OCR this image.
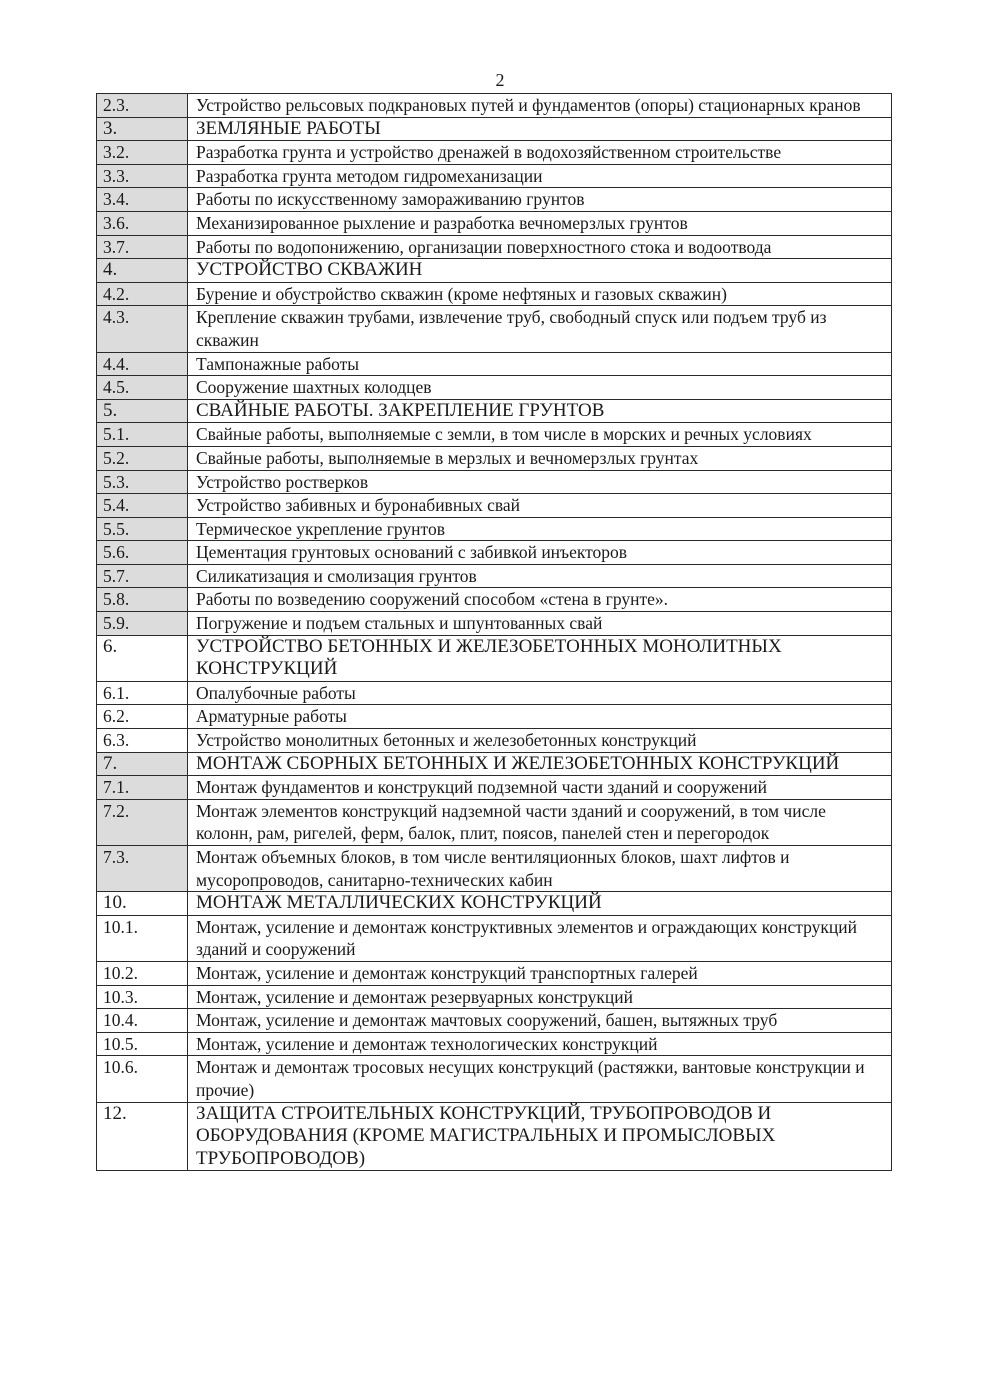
2
2.3.	Устройство рельсовых подкрановых путей и фундаментов (опоры) стационарных кранов
3.	ЗЕМЛЯНЫЕ РАБОТЫ
3.2.	Разработка грунта и устройство дренажей в водохозяйственном строительстве
3.3.	Разработка грунта методом гидромеханизации
3.4.	Работы по искусственному замораживанию грунтов
3.6.	Механизированное рыхление и разработка вечномерзлых грунтов
3.7.	Работы по водопонижению, организации поверхностного стока и водоотвода
4.	УСТРОЙСТВО СКВАЖИН
4.2.	Бурение и обустройство скважин (кроме нефтяных и газовых скважин)
4.3.	Крепление скважин трубами, извлечение труб, свободный спуск или подъем труб из скважин
4.4.	Тампонажные работы
4.5.	Сооружение шахтных колодцев
5.	СВАЙНЫЕ РАБОТЫ. ЗАКРЕПЛЕНИЕ ГРУНТОВ
5.1.	Свайные работы, выполняемые с земли, в том числе в морских и речных условиях
5.2.	Свайные работы, выполняемые в мерзлых и вечномерзлых грунтах
5.3.	Устройство ростверков
5.4.	Устройство забивных и буронабивных свай
5.5.	Термическое укрепление грунтов
5.6.	Цементация грунтовых оснований с забивкой инъекторов
5.7.	Силикатизация и смолизация грунтов
5.8.	Работы по возведению сооружений способом «стена в грунте».
5.9.	Погружение и подъем стальных и шпунтованных свай
6.	УСТРОЙСТВО БЕТОННЫХ И ЖЕЛЕЗОБЕТОННЫХ МОНОЛИТНЫХ КОНСТРУКЦИЙ
6.1.	Опалубочные работы
6.2.	Арматурные работы
6.3.	Устройство монолитных бетонных и железобетонных конструкций
7.	МОНТАЖ СБОРНЫХ БЕТОННЫХ И ЖЕЛЕЗОБЕТОННЫХ КОНСТРУКЦИЙ
7.1.	Монтаж фундаментов и конструкций подземной части зданий и сооружений
7.2.	Монтаж элементов конструкций надземной части зданий и сооружений, в том числе колонн, рам, ригелей, ферм, балок, плит, поясов, панелей стен и перегородок
7.3.	Монтаж объемных блоков, в том числе вентиляционных блоков, шахт лифтов и мусоропроводов, санитарно-технических кабин
10.	МОНТАЖ МЕТАЛЛИЧЕСКИХ КОНСТРУКЦИЙ
10.1.	Монтаж, усиление и демонтаж конструктивных элементов и ограждающих конструкций зданий и сооружений
10.2.	Монтаж, усиление и демонтаж конструкций транспортных галерей
10.3.	Монтаж, усиление и демонтаж резервуарных конструкций
10.4.	Монтаж, усиление и демонтаж мачтовых сооружений, башен, вытяжных труб
10.5.	Монтаж, усиление и демонтаж технологических конструкций
10.6.	Монтаж и демонтаж тросовых несущих конструкций (растяжки, вантовые конструкции и прочие)
12.	ЗАЩИТА СТРОИТЕЛЬНЫХ КОНСТРУКЦИЙ, ТРУБОПРОВОДОВ И ОБОРУДОВАНИЯ (КРОМЕ МАГИСТРАЛЬНЫХ И ПРОМЫСЛОВЫХ ТРУБОПРОВОДОВ)
